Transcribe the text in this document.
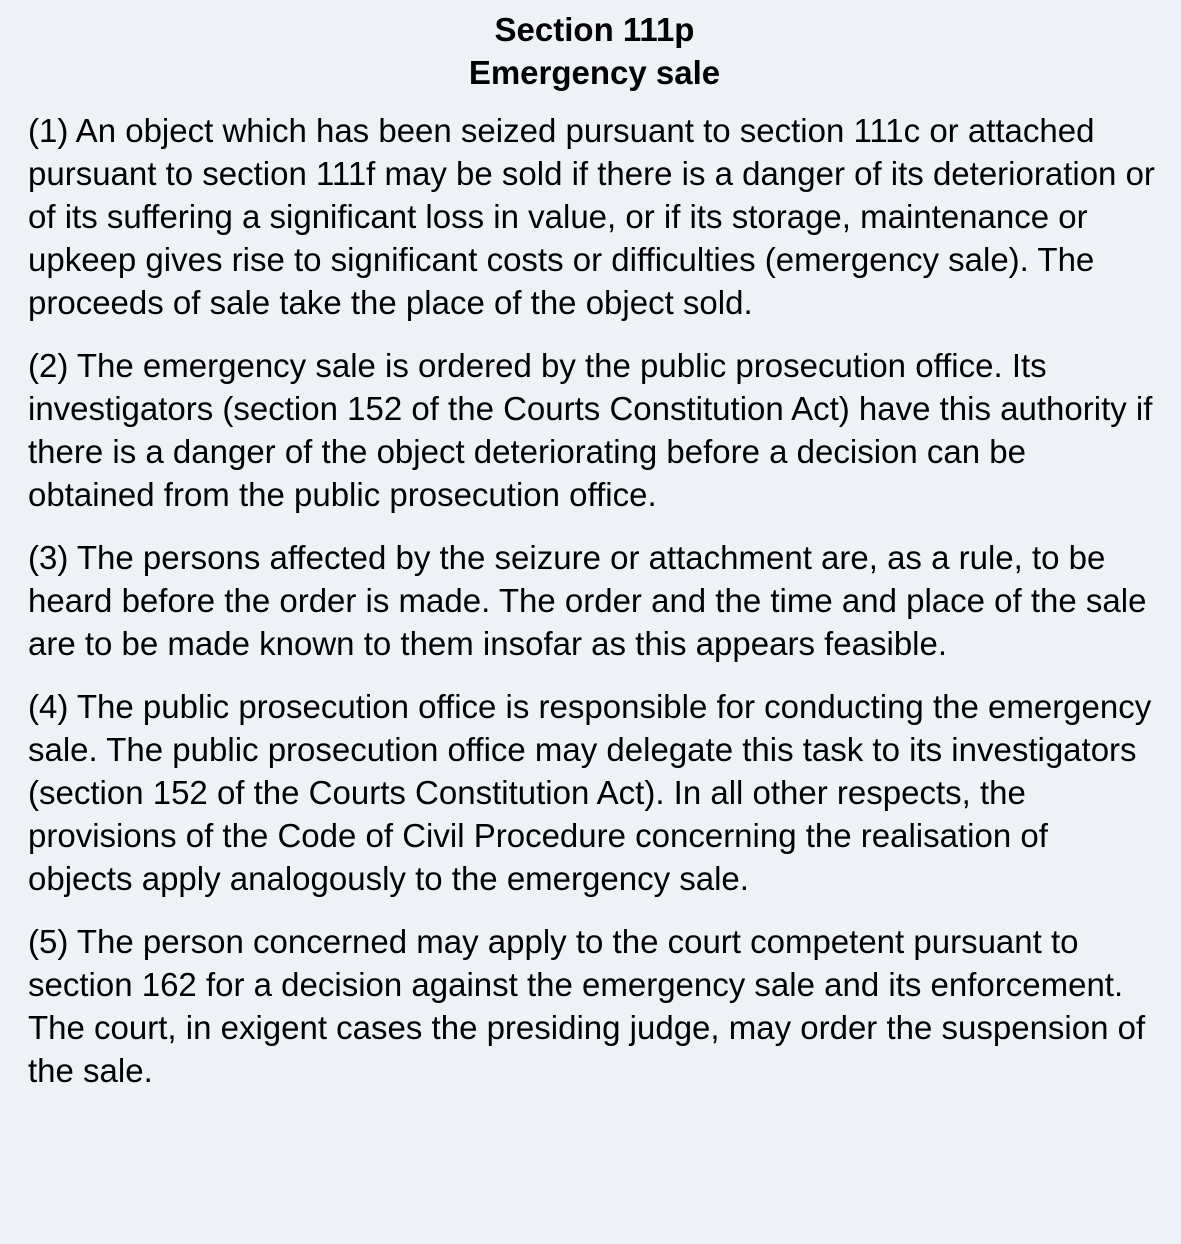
Section 111p
Emergency sale

(1) An object which has been seized pursuant to section 111c or attached pursuant to section 111f may be sold if there is a danger of its deterioration or of its suffering a significant loss in value, or if its storage, maintenance or upkeep gives rise to significant costs or difficulties (emergency sale). The proceeds of sale take the place of the object sold.

(2) The emergency sale is ordered by the public prosecution office. Its investigators (section 152 of the Courts Constitution Act) have this authority if there is a danger of the object deteriorating before a decision can be obtained from the public prosecution office.

(3) The persons affected by the seizure or attachment are, as a rule, to be heard before the order is made. The order and the time and place of the sale are to be made known to them insofar as this appears feasible.

(4) The public prosecution office is responsible for conducting the emergency sale. The public prosecution office may delegate this task to its investigators (section 152 of the Courts Constitution Act). In all other respects, the provisions of the Code of Civil Procedure concerning the realisation of objects apply analogously to the emergency sale.

(5) The person concerned may apply to the court competent pursuant to section 162 for a decision against the emergency sale and its enforcement. The court, in exigent cases the presiding judge, may order the suspension of the sale.
